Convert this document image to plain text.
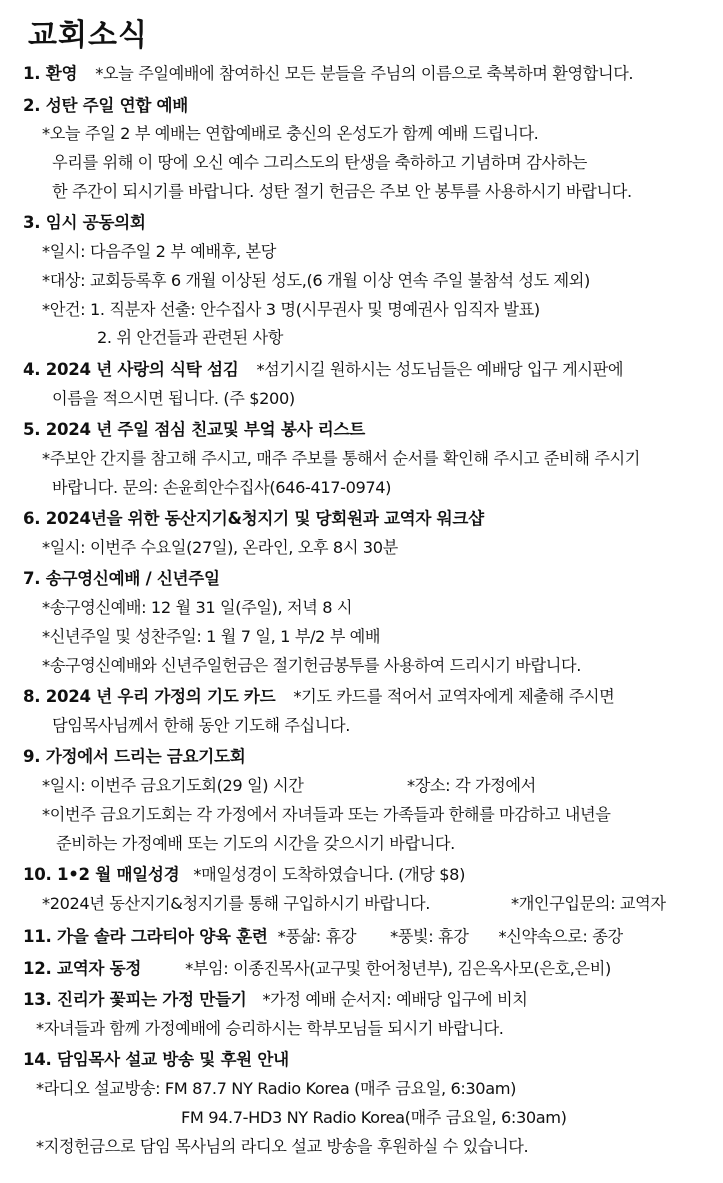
교회소식
1. 환영 *오늘 주일예배에 참여하신 모든 분들을 주님의 이름으로 축복하며 환영합니다.
2. 성탄 주일 연합 예배
*오늘 주일 2 부 예배는 연합예배로 충신의 온성도가 함께 예배 드립니다.
우리를 위해 이 땅에 오신 예수 그리스도의 탄생을 축하하고 기념하며 감사하는
한 주간이 되시기를 바랍니다. 성탄 절기 헌금은 주보 안 봉투를 사용하시기 바랍니다.
3. 임시 공동의회
*일시: 다음주일 2 부 예배후, 본당
*대상: 교회등록후 6 개월 이상된 성도,(6 개월 이상 연속 주일 불참석 성도 제외)
*안건: 1. 직분자 선출: 안수집사 3 명(시무권사 및 명예권사 임직자 발표)
2. 위 안건들과 관련된 사항
4. 2024 년 사랑의 식탁 섬김 *섬기시길 원하시는 성도님들은 예배당 입구 게시판에
이름을 적으시면 됩니다. (주 $200)
5. 2024 년 주일 점심 친교및 부엌 봉사 리스트
*주보안 간지를 참고해 주시고, 매주 주보를 통해서 순서를 확인해 주시고 준비해 주시기
바랍니다. 문의: 손윤희안수집사(646-417-0974)
6. 2024년을 위한 동산지기&청지기 및 당회원과 교역자 워크샵
*일시: 이번주 수요일(27일), 온라인, 오후 8시 30분
7. 송구영신예배 / 신년주일
*송구영신예배: 12 월 31 일(주일), 저녁 8 시
*신년주일 및 성찬주일: 1 월 7 일, 1 부/2 부 예배
*송구영신예배와 신년주일헌금은 절기헌금봉투를 사용하여 드리시기 바랍니다.
8. 2024 년 우리 가정의 기도 카드 *기도 카드를 적어서 교역자에게 제출해 주시면
담임목사님께서 한해 동안 기도해 주십니다.
9. 가정에서 드리는 금요기도회
*일시: 이번주 금요기도회(29 일) 시간	*장소: 각 가정에서
*이번주 금요기도회는 각 가정에서 자녀들과 또는 가족들과 한해를 마감하고 내년을
준비하는 가정예배 또는 기도의 시간을 갖으시기 바랍니다.
10. 1•2 월 매일성경 *매일성경이 도착하였습니다. (개당 $8)
*2024년 동산지기&청지기를 통해 구입하시기 바랍니다.	*개인구입문의: 교역자
11. 가을 솔라 그라티아 양육 훈련 *풍삶: 휴강 *풍빛: 휴강 *신약속으로: 종강
12. 교역자 동정	*부임: 이종진목사(교구및 한어청년부), 김은옥사모(은호,은비)
13. 진리가 꽃피는 가정 만들기 *가정 예배 순서지: 예배당 입구에 비치
*자녀들과 함께 가정예배에 승리하시는 학부모님들 되시기 바랍니다.
14. 담임목사 설교 방송 및 후원 안내
*라디오 설교방송: FM 87.7 NY Radio Korea (매주 금요일, 6:30am)
FM 94.7-HD3 NY Radio Korea(매주 금요일, 6:30am)
*지정헌금으로 담임 목사님의 라디오 설교 방송을 후원하실 수 있습니다.
